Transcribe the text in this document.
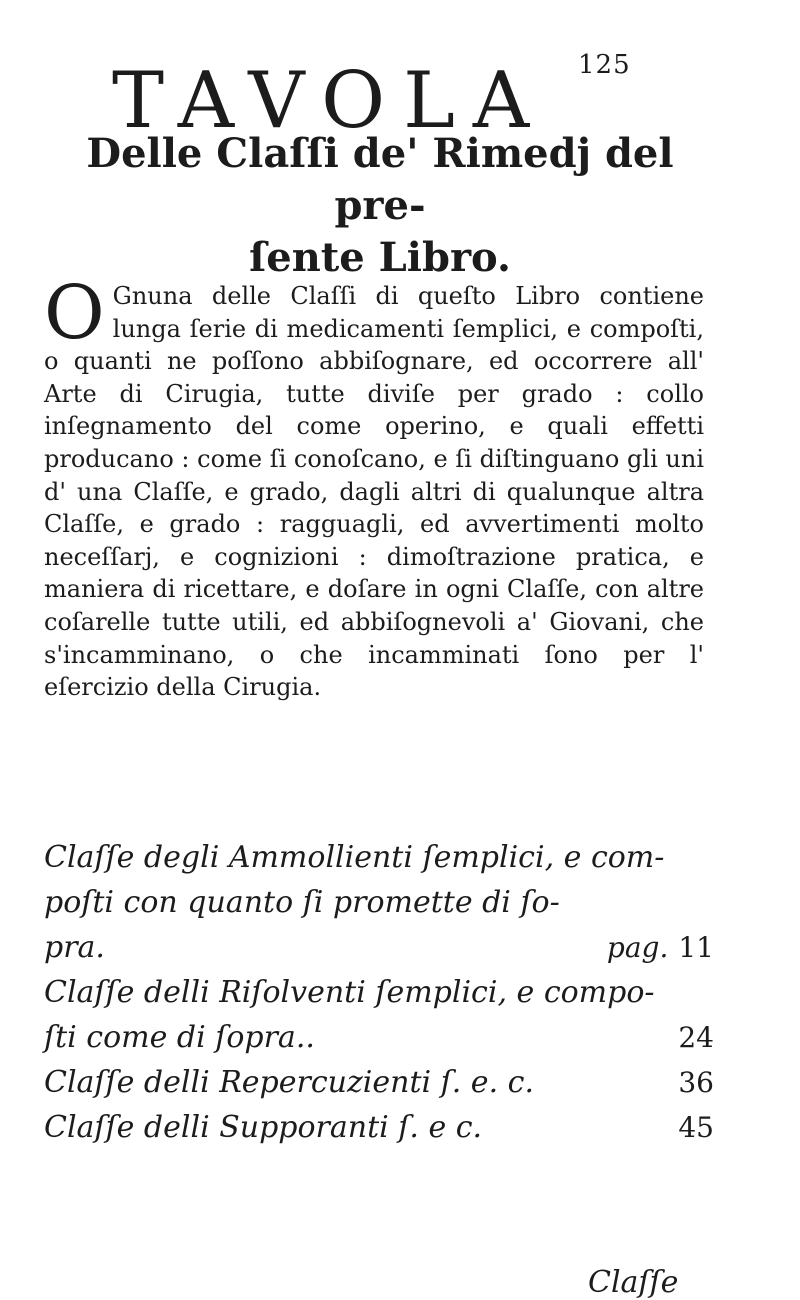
125
TAVOLA
Delle Claſſi de' Rimedj del pre-
ſente Libro.

O Gnuna delle Claſſi di queſto Libro contiene lunga ſerie di medicamenti ſemplici, e compoſti, o quanti ne poſſono abbiſognare, ed occorrere all' Arte di Cirugia, tutte diviſe per grado : collo inſegnamento del come operino, e quali effetti producano : come ſi conoſcano, e ſi diſtinguano gli uni d' una Claſſe, e grado, dagli altri di qualunque altra Claſſe, e grado : ragguagli, ed avvertimenti molto neceſſarj, e cognizioni : dimoſtrazione pratica, e maniera di ricettare, e doſare in ogni Claſſe, con altre coſarelle tutte utili, ed abbiſognevoli a' Giovani, che s'incamminano, o che incamminati ſono per l' eſercizio della Cirugia.

Claſſe degli Ammollienti ſemplici, e com-
poſti con quanto ſi promette di ſo-
pra.	pag. 11
Claſſe delli Riſolventi ſemplici, e compo-
ſti come di ſopra..	24
Claſſe delli Repercuzienti ſ. e. c.	36
Claſſe delli Supporanti ſ. e c.	45
Claſſe
